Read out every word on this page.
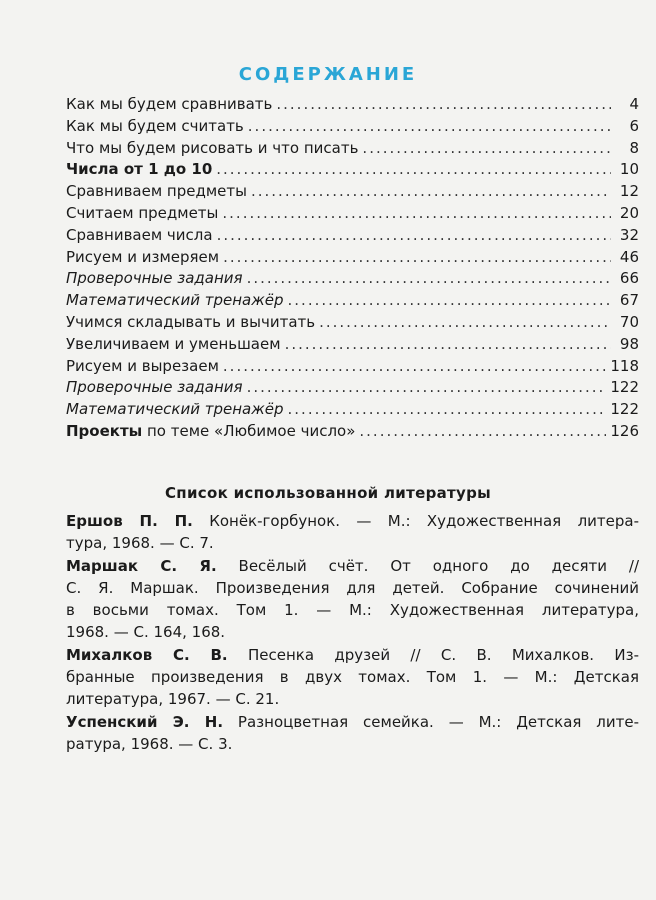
СОДЕРЖАНИЕ
Как мы будем сравнивать .....	4
Как мы будем считать .....	6
Что мы будем рисовать и что писать .....	8
Числа от 1 до 10 .....	10
Сравниваем предметы .....	12
Считаем предметы .....	20
Сравниваем числа .....	32
Рисуем и измеряем .....	46
Проверочные задания .....	66
Математический тренажёр .....	67
Учимся складывать и вычитать .....	70
Увеличиваем и уменьшаем .....	98
Рисуем и вырезаем .....	118
Проверочные задания .....	122
Математический тренажёр .....	122
Проекты по теме «Любимое число» .....	126
Список использованной литературы
Ершов П. П. Конёк-горбунок. — М.: Художественная литера-
тура, 1968. — С. 7.
Маршак С. Я. Весёлый счёт. От одного до десяти //
С. Я. Маршак. Произведения для детей. Собрание сочинений
в восьми томах. Том 1. — М.: Художественная литература,
1968. — С. 164, 168.
Михалков С. В. Песенка друзей // С. В. Михалков. Из-
бранные произведения в двух томах. Том 1. — М.: Детская
литература, 1967. — С. 21.
Успенский Э. Н. Разноцветная семейка. — М.: Детская лите-
ратура, 1968. — С. 3.
